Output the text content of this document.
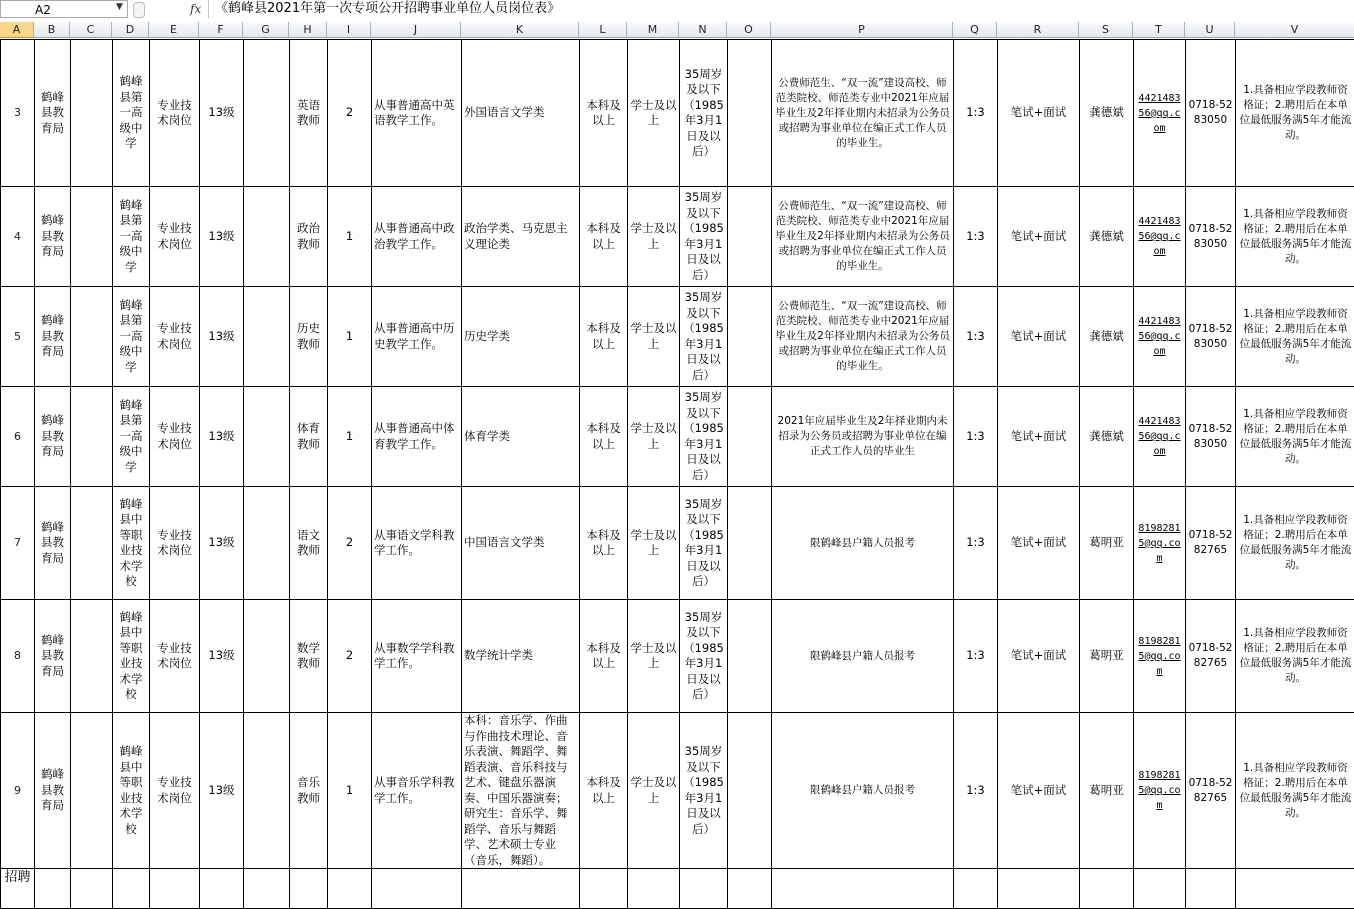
A2	▼	fx	《鹤峰县2021年第一次专项公开招聘事业单位人员岗位表》
A	B	C	D	E	F	G	H	I	J	K	L	M	N	O	P	Q	R	S	T	U	V
3	鹤峰县教育局		鹤峰县第一高级中学	专业技术岗位	13级		英语教师	2	从事普通高中英语教学工作。	外国语言文学类	本科及以上	学士及以上	35周岁及以下（1985年3月1日及以后）		公费师范生、“双一流”建设高校、师范类院校、师范类专业中2021年应届毕业生及2年择业期内未招录为公务员或招聘为事业单位在编正式工作人员的毕业生。	1:3	笔试+面试	龚德斌	442148356@qq.com	0718-5283050	1.具备相应学段教师资格证；2.聘用后在本单位最低服务满5年才能流动。
4	鹤峰县教育局		鹤峰县第一高级中学	专业技术岗位	13级		政治教师	1	从事普通高中政治教学工作。	政治学类、马克思主义理论类	本科及以上	学士及以上	35周岁及以下（1985年3月1日及以后）		公费师范生、“双一流”建设高校、师范类院校、师范类专业中2021年应届毕业生及2年择业期内未招录为公务员或招聘为事业单位在编正式工作人员的毕业生。	1:3	笔试+面试	龚德斌	442148356@qq.com	0718-5283050	1.具备相应学段教师资格证；2.聘用后在本单位最低服务满5年才能流动。
5	鹤峰县教育局		鹤峰县第一高级中学	专业技术岗位	13级		历史教师	1	从事普通高中历史教学工作。	历史学类	本科及以上	学士及以上	35周岁及以下（1985年3月1日及以后）		公费师范生、“双一流”建设高校、师范类院校、师范类专业中2021年应届毕业生及2年择业期内未招录为公务员或招聘为事业单位在编正式工作人员的毕业生。	1:3	笔试+面试	龚德斌	442148356@qq.com	0718-5283050	1.具备相应学段教师资格证；2.聘用后在本单位最低服务满5年才能流动。
6	鹤峰县教育局		鹤峰县第一高级中学	专业技术岗位	13级		体育教师	1	从事普通高中体育教学工作。	体育学类	本科及以上	学士及以上	35周岁及以下（1985年3月1日及以后）		2021年应届毕业生及2年择业期内未招录为公务员或招聘为事业单位在编正式工作人员的毕业生	1:3	笔试+面试	龚德斌	442148356@qq.com	0718-5283050	1.具备相应学段教师资格证；2.聘用后在本单位最低服务满5年才能流动。
7	鹤峰县教育局		鹤峰县中等职业技术学校	专业技术岗位	13级		语文教师	2	从事语文学科教学工作。	中国语言文学类	本科及以上	学士及以上	35周岁及以下（1985年3月1日及以后）		限鹤峰县户籍人员报考	1:3	笔试+面试	葛明亚	81982815@qq.com	0718-5282765	1.具备相应学段教师资格证；2.聘用后在本单位最低服务满5年才能流动。
8	鹤峰县教育局		鹤峰县中等职业技术学校	专业技术岗位	13级		数学教师	2	从事数学学科教学工作。	数学统计学类	本科及以上	学士及以上	35周岁及以下（1985年3月1日及以后）		限鹤峰县户籍人员报考	1:3	笔试+面试	葛明亚	81982815@qq.com	0718-5282765	1.具备相应学段教师资格证；2.聘用后在本单位最低服务满5年才能流动。
9	鹤峰县教育局		鹤峰县中等职业技术学校	专业技术岗位	13级		音乐教师	1	从事音乐学科教学工作。	本科：音乐学、作曲与作曲技术理论、音乐表演、舞蹈学、舞蹈表演、音乐科技与艺术、键盘乐器演奏、中国乐器演奏；研究生：音乐学、舞蹈学、音乐与舞蹈学、艺术硕士专业（音乐，舞蹈）。	本科及以上	学士及以上	35周岁及以下（1985年3月1日及以后）		限鹤峰县户籍人员报考	1:3	笔试+面试	葛明亚	81982815@qq.com	0718-5282765	1.具备相应学段教师资格证；2.聘用后在本单位最低服务满5年才能流动。
招聘																					
